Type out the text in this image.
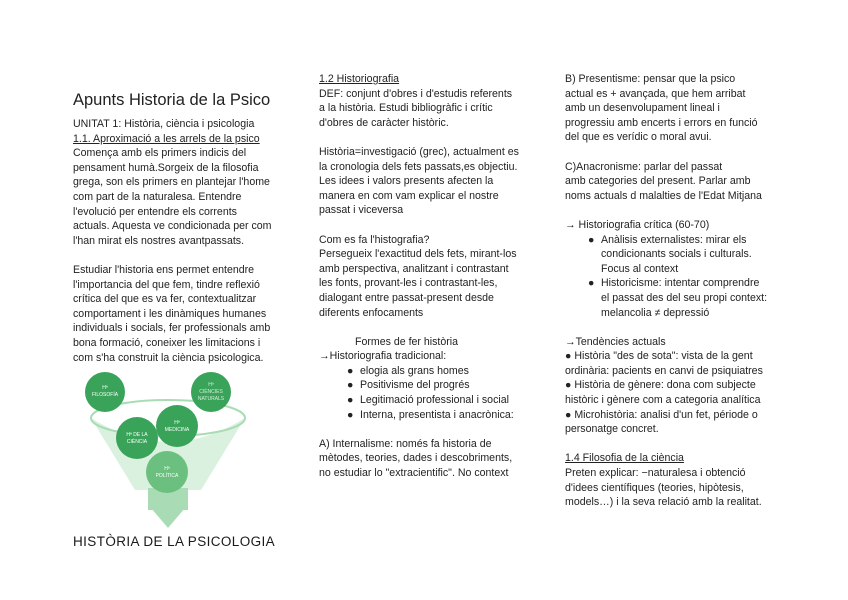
Apunts Historia de la Psico
UNITAT 1: Història, ciència i psicologia
1.1. Aproximació a les arrels de la psico
Comença amb els primers indicis del
pensament humà.Sorgeix de la filosofia
grega, son els primers en plantejar l'home
com part de la naturalesa. Entendre
l'evolució per entendre els corrents
actuals. Aquesta ve condicionada per com
l'han mirat els nostres avantpassats.
Estudiar l'historia ens permet entendre
l'importancia del que fem, tindre reflexió
crítica del que es va fer, contextualitzar
comportament i les dinàmiques humanes
individuals i socials, fer professionals amb
bona formació, coneixer les limitacions i
com s'ha construit la ciència psicologica.
Hª
FILOSOFÍA
Hª
CIÈNCIES
NATURALS
Hª DE LA
CIÈNCIA
Hª
MEDICINA
Hª
POLÍTICA
HISTÒRIA DE LA PSICOLOGIA
1.2 Historiografia
DEF: conjunt d'obres i d'estudis referents
a la història. Estudi bibliogràfic i crític
d'obres de caràcter històric.
Història=investigació (grec), actualment es
la cronologia dels fets passats,es objectiu.
Les idees i valors presents afecten la
manera en com vam explicar el nostre
passat i viceversa
Com es fa l'histografia?
Persegueix l'exactitud dels fets, mirant-los
amb perspectiva, analitzant i contrastant
les fonts, provant-les i contrastant-les,
dialogant entre passat-present desde
diferents enfocaments
Formes de fer història
→Historiografia tradicional:
● elogia als grans homes
● Positivisme del progrés
● Legitimació professional i social
● Interna, presentista i anacrònica:
A) Internalisme: només fa historia de
mètodes, teories, dades i descobriments,
no estudiar lo "extracientific". No context
B) Presentisme: pensar que la psico
actual es + avançada, que hem arribat
amb un desenvolupament lineal i
progressiu amb encerts i errors en funció
del que es verídic o moral avui.
C)Anacronisme: parlar del passat
amb categories del present. Parlar amb
noms actuals d malalties de l'Edat Mitjana
→ Historiografia crítica (60-70)
● Anàlisis externalistes: mirar els
condicionants socials i culturals.
Focus al context
● Historicisme: intentar comprendre
el passat des del seu propi context:
melancolia ≠ depressió
→Tendències actuals
● Història "des de sota": vista de la gent
ordinària: pacients en canvi de psiquiatres
● Història de gènere: dona com subjecte
històric i gènere com a categoria analítica
● Microhistòria: analisi d'un fet, période o
personatge concret.
1.4 Filosofia de la ciència
Preten explicar: −naturalesa i obtenció
d'idees científiques (teories, hipòtesis,
models…) i la seva relació amb la realitat.
